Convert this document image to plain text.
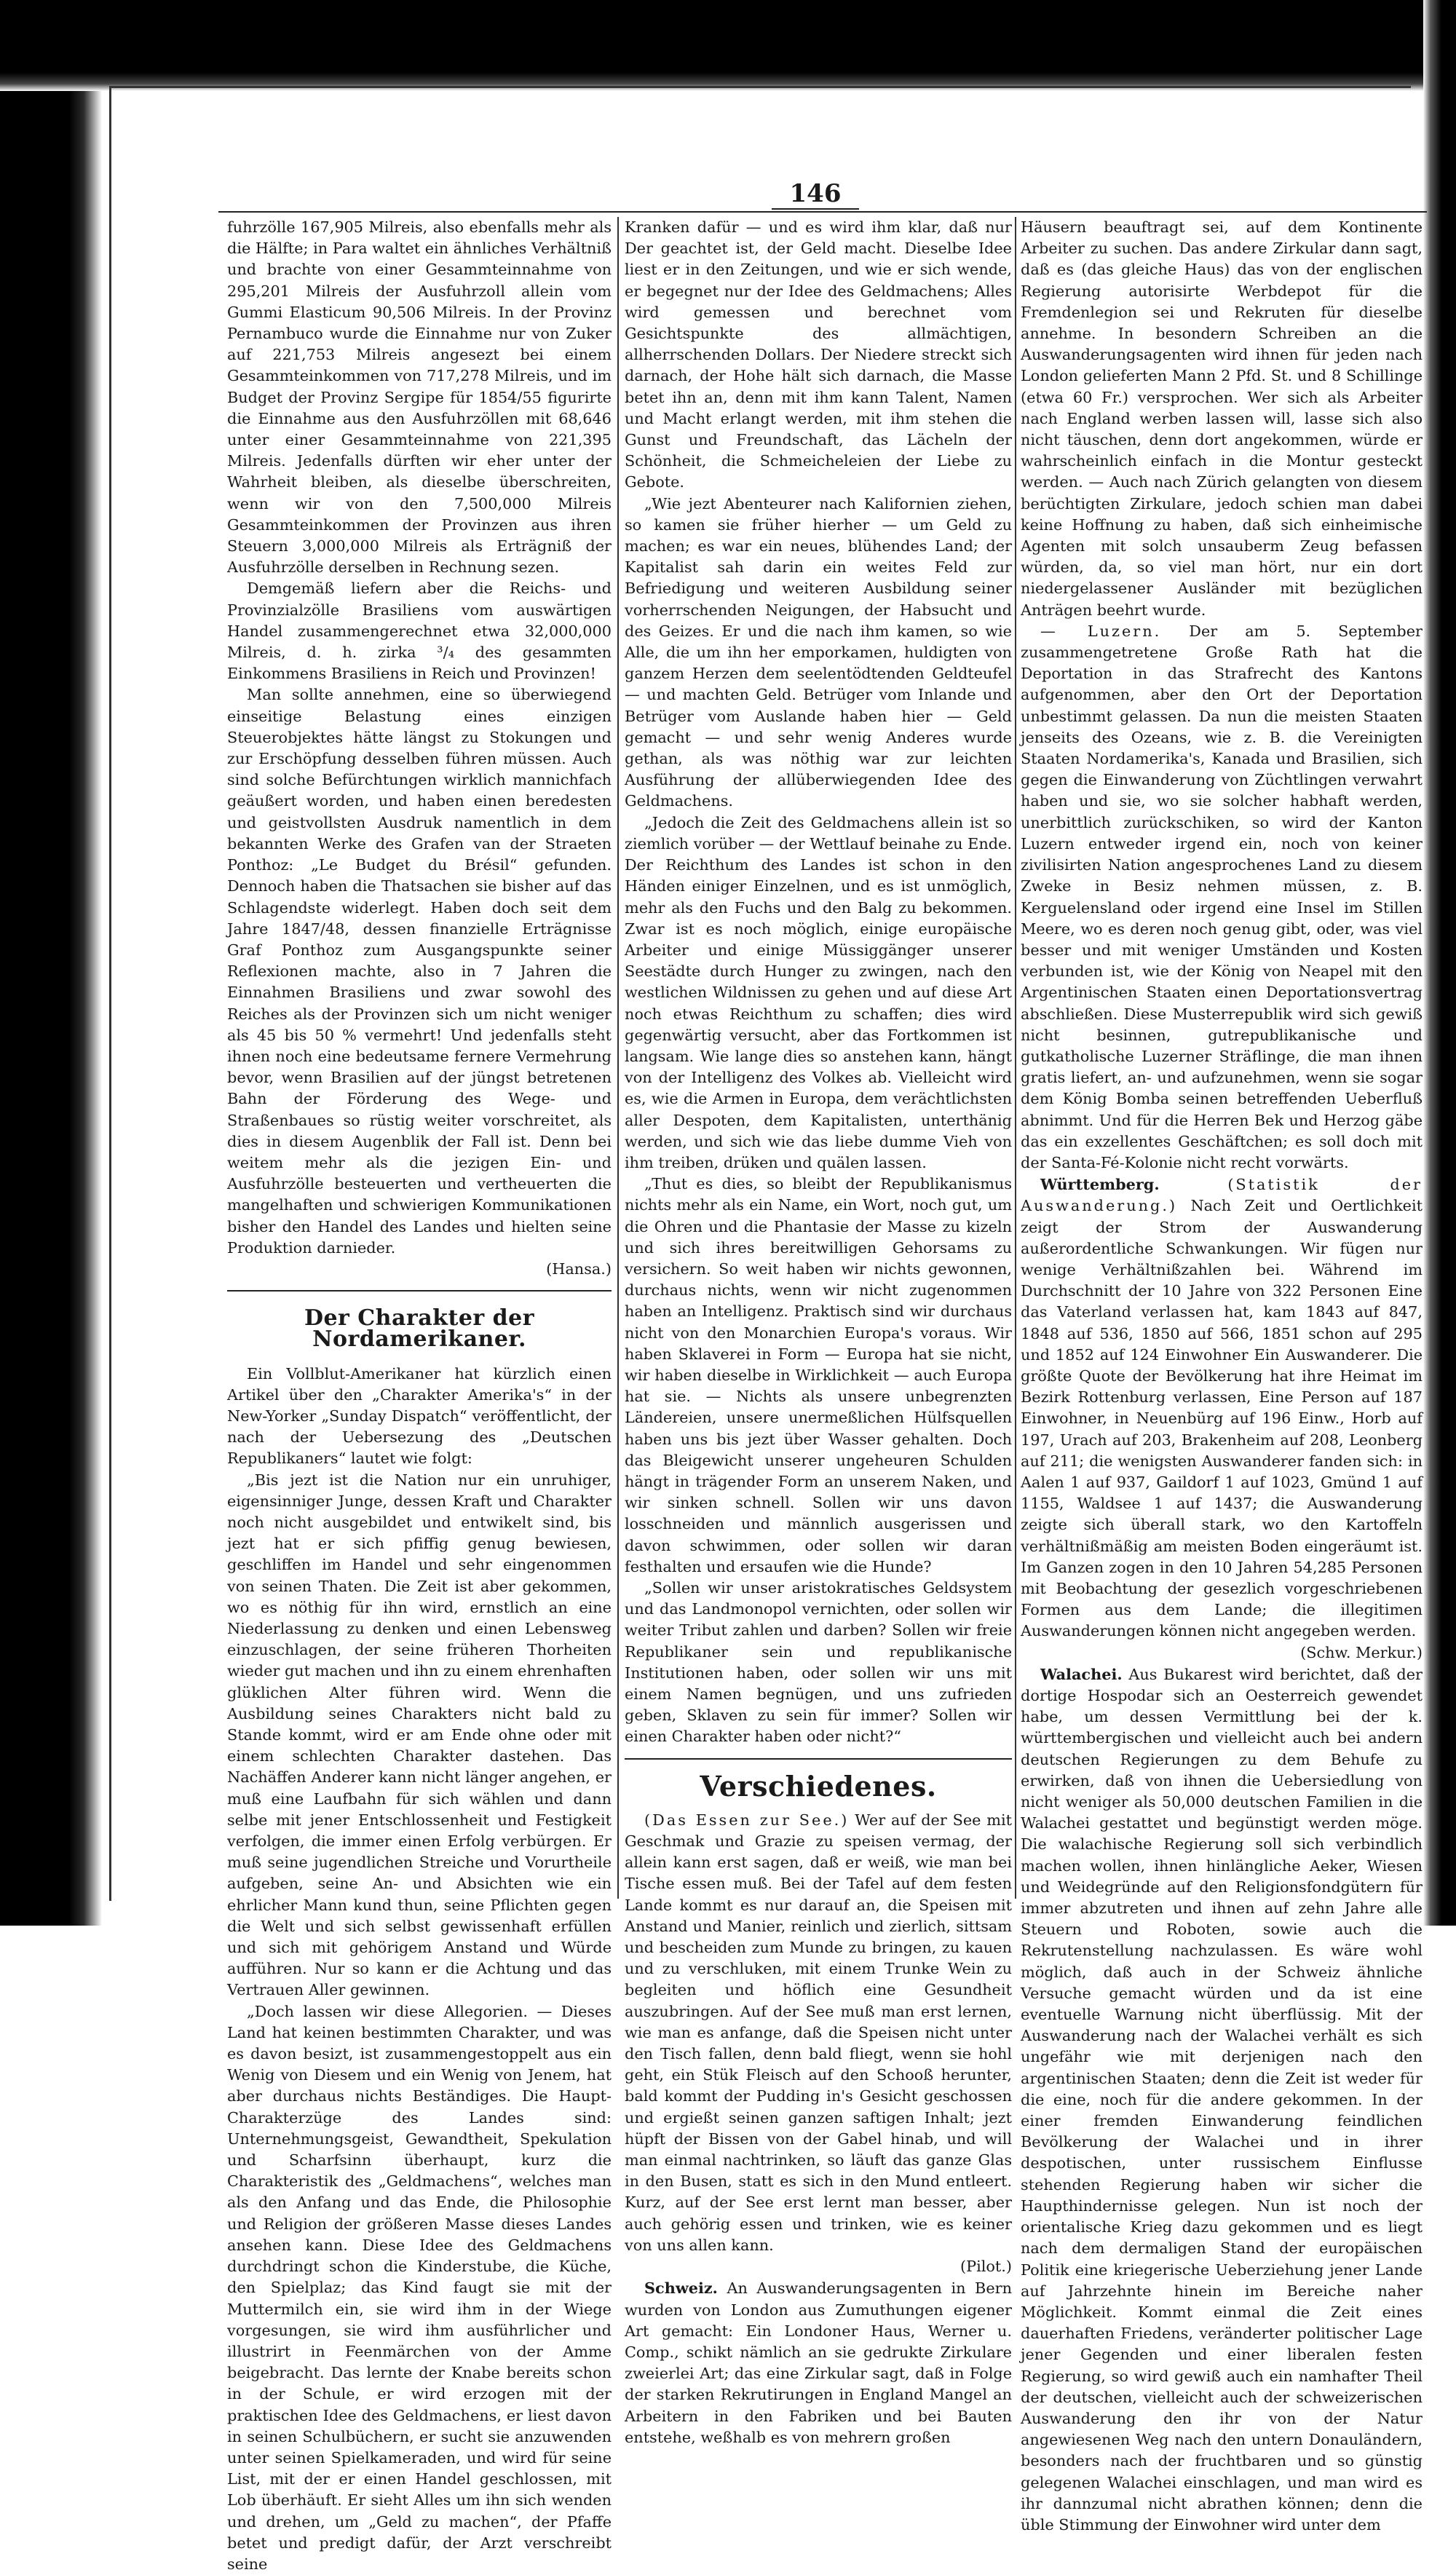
146

fuhrzölle 167,905 Milreis, also ebenfalls mehr als die Hälfte; in Para waltet ein ähnliches Verhältniß und brachte von einer Gesammteinnahme von 295,201 Milreis der Ausfuhrzoll allein vom Gummi Elasticum 90,506 Milreis. In der Provinz Pernambuco wurde die Einnahme nur von Zuker auf 221,753 Milreis angesezt bei einem Gesammteinkommen von 717,278 Milreis, und im Budget der Provinz Sergipe für 1854/55 figurirte die Einnahme aus den Ausfuhrzöllen mit 68,646 unter einer Gesammteinnahme von 221,395 Milreis. Jedenfalls dürften wir eher unter der Wahrheit bleiben, als dieselbe überschreiten, wenn wir von den 7,500,000 Milreis Gesammteinkommen der Provinzen aus ihren Steuern 3,000,000 Milreis als Erträgniß der Ausfuhrzölle derselben in Rechnung sezen.

Demgemäß liefern aber die Reichs- und Provinzialzölle Brasiliens vom auswärtigen Handel zusammengerechnet etwa 32,000,000 Milreis, d. h. zirka ³/₄ des gesammten Einkommens Brasiliens in Reich und Provinzen!

Man sollte annehmen, eine so überwiegend einseitige Belastung eines einzigen Steuerobjektes hätte längst zu Stokungen und zur Erschöpfung desselben führen müssen. Auch sind solche Befürchtungen wirklich mannichfach geäußert worden, und haben einen beredesten und geistvollsten Ausdruk namentlich in dem bekannten Werke des Grafen van der Straeten Ponthoz: „Le Budget du Brésil“ gefunden. Dennoch haben die Thatsachen sie bisher auf das Schlagendste widerlegt. Haben doch seit dem Jahre 1847/48, dessen finanzielle Erträgnisse Graf Ponthoz zum Ausgangspunkte seiner Reflexionen machte, also in 7 Jahren die Einnahmen Brasiliens und zwar sowohl des Reiches als der Provinzen sich um nicht weniger als 45 bis 50 % vermehrt! Und jedenfalls steht ihnen noch eine bedeutsame fernere Vermehrung bevor, wenn Brasilien auf der jüngst betretenen Bahn der Förderung des Wege- und Straßenbaues so rüstig weiter vorschreitet, als dies in diesem Augenblik der Fall ist. Denn bei weitem mehr als die jezigen Ein- und Ausfuhrzölle besteuerten und vertheuerten die mangelhaften und schwierigen Kommunikationen bisher den Handel des Landes und hielten seine Produktion darnieder.
(Hansa.)

Der Charakter der Nordamerikaner.

Ein Vollblut-Amerikaner hat kürzlich einen Artikel über den „Charakter Amerika's“ in der New-Yorker „Sunday Dispatch“ veröffentlicht, der nach der Uebersezung des „Deutschen Republikaners“ lautet wie folgt:

„Bis jezt ist die Nation nur ein unruhiger, eigensinniger Junge, dessen Kraft und Charakter noch nicht ausgebildet und entwikelt sind, bis jezt hat er sich pfiffig genug bewiesen, geschliffen im Handel und sehr eingenommen von seinen Thaten. Die Zeit ist aber gekommen, wo es nöthig für ihn wird, ernstlich an eine Niederlassung zu denken und einen Lebensweg einzuschlagen, der seine früheren Thorheiten wieder gut machen und ihn zu einem ehrenhaften glüklichen Alter führen wird. Wenn die Ausbildung seines Charakters nicht bald zu Stande kommt, wird er am Ende ohne oder mit einem schlechten Charakter dastehen. Das Nachäffen Anderer kann nicht länger angehen, er muß eine Laufbahn für sich wählen und dann selbe mit jener Entschlossenheit und Festigkeit verfolgen, die immer einen Erfolg verbürgen. Er muß seine jugendlichen Streiche und Vorurtheile aufgeben, seine An- und Absichten wie ein ehrlicher Mann kund thun, seine Pflichten gegen die Welt und sich selbst gewissenhaft erfüllen und sich mit gehörigem Anstand und Würde aufführen. Nur so kann er die Achtung und das Vertrauen Aller gewinnen.

„Doch lassen wir diese Allegorien. — Dieses Land hat keinen bestimmten Charakter, und was es davon besizt, ist zusammengestoppelt aus ein Wenig von Diesem und ein Wenig von Jenem, hat aber durchaus nichts Beständiges. Die Haupt-Charakterzüge des Landes sind: Unternehmungsgeist, Gewandtheit, Spekulation und Scharfsinn überhaupt, kurz die Charakteristik des „Geldmachens“, welches man als den Anfang und das Ende, die Philosophie und Religion der größeren Masse dieses Landes ansehen kann. Diese Idee des Geldmachens durchdringt schon die Kinderstube, die Küche, den Spielplaz; das Kind faugt sie mit der Muttermilch ein, sie wird ihm in der Wiege vorgesungen, sie wird ihm ausführlicher und illustrirt in Feenmärchen von der Amme beigebracht. Das lernte der Knabe bereits schon in der Schule, er wird erzogen mit der praktischen Idee des Geldmachens, er liest davon in seinen Schulbüchern, er sucht sie anzuwenden unter seinen Spielkameraden, und wird für seine List, mit der er einen Handel geschlossen, mit Lob überhäuft. Er sieht Alles um ihn sich wenden und drehen, um „Geld zu machen“, der Pfaffe betet und predigt dafür, der Arzt verschreibt seine

Kranken dafür — und es wird ihm klar, daß nur Der geachtet ist, der Geld macht. Dieselbe Idee liest er in den Zeitungen, und wie er sich wende, er begegnet nur der Idee des Geldmachens; Alles wird gemessen und berechnet vom Gesichtspunkte des allmächtigen, allherrschenden Dollars. Der Niedere streckt sich darnach, der Hohe hält sich darnach, die Masse betet ihn an, denn mit ihm kann Talent, Namen und Macht erlangt werden, mit ihm stehen die Gunst und Freundschaft, das Lächeln der Schönheit, die Schmeicheleien der Liebe zu Gebote.

„Wie jezt Abenteurer nach Kalifornien ziehen, so kamen sie früher hierher — um Geld zu machen; es war ein neues, blühendes Land; der Kapitalist sah darin ein weites Feld zur Befriedigung und weiteren Ausbildung seiner vorherrschenden Neigungen, der Habsucht und des Geizes. Er und die nach ihm kamen, so wie Alle, die um ihn her emporkamen, huldigten von ganzem Herzen dem seelentödtenden Geldteufel — und machten Geld. Betrüger vom Inlande und Betrüger vom Auslande haben hier — Geld gemacht — und sehr wenig Anderes wurde gethan, als was nöthig war zur leichten Ausführung der allüberwiegenden Idee des Geldmachens.

„Jedoch die Zeit des Geldmachens allein ist so ziemlich vorüber — der Wettlauf beinahe zu Ende. Der Reichthum des Landes ist schon in den Händen einiger Einzelnen, und es ist unmöglich, mehr als den Fuchs und den Balg zu bekommen. Zwar ist es noch möglich, einige europäische Arbeiter und einige Müssiggänger unserer Seestädte durch Hunger zu zwingen, nach den westlichen Wildnissen zu gehen und auf diese Art noch etwas Reichthum zu schaffen; dies wird gegenwärtig versucht, aber das Fortkommen ist langsam. Wie lange dies so anstehen kann, hängt von der Intelligenz des Volkes ab. Vielleicht wird es, wie die Armen in Europa, dem verächtlichsten aller Despoten, dem Kapitalisten, unterthänig werden, und sich wie das liebe dumme Vieh von ihm treiben, drüken und quälen lassen.

„Thut es dies, so bleibt der Republikanismus nichts mehr als ein Name, ein Wort, noch gut, um die Ohren und die Phantasie der Masse zu kizeln und sich ihres bereitwilligen Gehorsams zu versichern. So weit haben wir nichts gewonnen, durchaus nichts, wenn wir nicht zugenommen haben an Intelligenz. Praktisch sind wir durchaus nicht von den Monarchien Europa's voraus. Wir haben Sklaverei in Form — Europa hat sie nicht, wir haben dieselbe in Wirklichkeit — auch Europa hat sie. — Nichts als unsere unbegrenzten Ländereien, unsere unermeßlichen Hülfsquellen haben uns bis jezt über Wasser gehalten. Doch das Bleigewicht unserer ungeheuren Schulden hängt in trägender Form an unserem Naken, und wir sinken schnell. Sollen wir uns davon losschneiden und männlich ausgerissen und davon schwimmen, oder sollen wir daran festhalten und ersaufen wie die Hunde?

„Sollen wir unser aristokratisches Geldsystem und das Landmonopol vernichten, oder sollen wir weiter Tribut zahlen und darben? Sollen wir freie Republikaner sein und republikanische Institutionen haben, oder sollen wir uns mit einem Namen begnügen, und uns zufrieden geben, Sklaven zu sein für immer? Sollen wir einen Charakter haben oder nicht?“

Verschiedenes.

(Das Essen zur See.) Wer auf der See mit Geschmak und Grazie zu speisen vermag, der allein kann erst sagen, daß er weiß, wie man bei Tische essen muß. Bei der Tafel auf dem festen Lande kommt es nur darauf an, die Speisen mit Anstand und Manier, reinlich und zierlich, sittsam und bescheiden zum Munde zu bringen, zu kauen und zu verschluken, mit einem Trunke Wein zu begleiten und höflich eine Gesundheit auszubringen. Auf der See muß man erst lernen, wie man es anfange, daß die Speisen nicht unter den Tisch fallen, denn bald fliegt, wenn sie hohl geht, ein Stük Fleisch auf den Schooß herunter, bald kommt der Pudding in's Gesicht geschossen und ergießt seinen ganzen saftigen Inhalt; jezt hüpft der Bissen von der Gabel hinab, und will man einmal nachtrinken, so läuft das ganze Glas in den Busen, statt es sich in den Mund entleert. Kurz, auf der See erst lernt man besser, aber auch gehörig essen und trinken, wie es keiner von uns allen kann.
(Pilot.)

Schweiz. An Auswanderungsagenten in Bern wurden von London aus Zumuthungen eigener Art gemacht: Ein Londoner Haus, Werner u. Comp., schikt nämlich an sie gedrukte Zirkulare zweierlei Art; das eine Zirkular sagt, daß in Folge der starken Rekrutirungen in England Mangel an Arbeitern in den Fabriken und bei Bauten entstehe, weßhalb es von mehrern großen

Häusern beauftragt sei, auf dem Kontinente Arbeiter zu suchen. Das andere Zirkular dann sagt, daß es (das gleiche Haus) das von der englischen Regierung autorisirte Werbdepot für die Fremdenlegion sei und Rekruten für dieselbe annehme. In besondern Schreiben an die Auswanderungsagenten wird ihnen für jeden nach London gelieferten Mann 2 Pfd. St. und 8 Schillinge (etwa 60 Fr.) versprochen. Wer sich als Arbeiter nach England werben lassen will, lasse sich also nicht täuschen, denn dort angekommen, würde er wahrscheinlich einfach in die Montur gesteckt werden. — Auch nach Zürich gelangten von diesem berüchtigten Zirkulare, jedoch schien man dabei keine Hoffnung zu haben, daß sich einheimische Agenten mit solch unsauberm Zeug befassen würden, da, so viel man hört, nur ein dort niedergelassener Ausländer mit bezüglichen Anträgen beehrt wurde.

— Luzern. Der am 5. September zusammengetretene Große Rath hat die Deportation in das Strafrecht des Kantons aufgenommen, aber den Ort der Deportation unbestimmt gelassen. Da nun die meisten Staaten jenseits des Ozeans, wie z. B. die Vereinigten Staaten Nordamerika's, Kanada und Brasilien, sich gegen die Einwanderung von Züchtlingen verwahrt haben und sie, wo sie solcher habhaft werden, unerbittlich zurückschiken, so wird der Kanton Luzern entweder irgend ein, noch von keiner zivilisirten Nation angesprochenes Land zu diesem Zweke in Besiz nehmen müssen, z. B. Kerguelensland oder irgend eine Insel im Stillen Meere, wo es deren noch genug gibt, oder, was viel besser und mit weniger Umständen und Kosten verbunden ist, wie der König von Neapel mit den Argentinischen Staaten einen Deportationsvertrag abschließen. Diese Musterrepublik wird sich gewiß nicht besinnen, gutrepublikanische und gutkatholische Luzerner Sträflinge, die man ihnen gratis liefert, an- und aufzunehmen, wenn sie sogar dem König Bomba seinen betreffenden Ueberfluß abnimmt. Und für die Herren Bek und Herzog gäbe das ein exzellentes Geschäftchen; es soll doch mit der Santa-Fé-Kolonie nicht recht vorwärts.

Württemberg.	(Statistik der Auswanderung.) Nach Zeit und Oertlichkeit zeigt der Strom der Auswanderung außerordentliche Schwankungen. Wir fügen nur wenige Verhältnißzahlen bei. Während im Durchschnitt der 10 Jahre von 322 Personen Eine das Vaterland verlassen hat, kam 1843 auf 847, 1848 auf 536, 1850 auf 566, 1851 schon auf 295 und 1852 auf 124 Einwohner Ein Auswanderer. Die größte Quote der Bevölkerung hat ihre Heimat im Bezirk Rottenburg verlassen, Eine Person auf 187 Einwohner, in Neuenbürg auf 196 Einw., Horb auf 197, Urach auf 203, Brakenheim auf 208, Leonberg auf 211; die wenigsten Auswanderer fanden sich: in Aalen 1 auf 937, Gaildorf 1 auf 1023, Gmünd 1 auf 1155, Waldsee 1 auf 1437; die Auswanderung zeigte sich überall stark, wo den Kartoffeln verhältnißmäßig am meisten Boden eingeräumt ist. Im Ganzen zogen in den 10 Jahren 54,285 Personen mit Beobachtung der gesezlich vorgeschriebenen Formen aus dem Lande; die illegitimen Auswanderungen können nicht angegeben werden.
(Schw. Merkur.)

Walachei. Aus Bukarest wird berichtet, daß der dortige Hospodar sich an Oesterreich gewendet habe, um dessen Vermittlung bei der k. württembergischen und vielleicht auch bei andern deutschen Regierungen zu dem Behufe zu erwirken, daß von ihnen die Uebersiedlung von nicht weniger als 50,000 deutschen Familien in die Walachei gestattet und begünstigt werden möge. Die walachische Regierung soll sich verbindlich machen wollen, ihnen hinlängliche Aeker, Wiesen und Weidegründe auf den Religionsfondgütern für immer abzutreten und ihnen auf zehn Jahre alle Steuern und Roboten, sowie auch die Rekrutenstellung nachzulassen. Es wäre wohl möglich, daß auch in der Schweiz ähnliche Versuche gemacht würden und da ist eine eventuelle Warnung nicht überflüssig. Mit der Auswanderung nach der Walachei verhält es sich ungefähr wie mit derjenigen nach den argentinischen Staaten; denn die Zeit ist weder für die eine, noch für die andere gekommen. In der einer fremden Einwanderung feindlichen Bevölkerung der Walachei und in ihrer despotischen, unter russischem Einflusse stehenden Regierung haben wir sicher die Haupthindernisse gelegen. Nun ist noch der orientalische Krieg dazu gekommen und es liegt nach dem dermaligen Stand der europäischen Politik eine kriegerische Ueberziehung jener Lande auf Jahrzehnte hinein im Bereiche naher Möglichkeit. Kommt einmal die Zeit eines dauerhaften Friedens, veränderter politischer Lage jener Gegenden und einer liberalen festen Regierung, so wird gewiß auch ein namhafter Theil der deutschen, vielleicht auch der schweizerischen Auswanderung den ihr von der Natur angewiesenen Weg nach den untern Donauländern, besonders nach der fruchtbaren und so günstig gelegenen Walachei einschlagen, und man wird es ihr dannzumal nicht abrathen können; denn die üble Stimmung der Einwohner wird unter dem
